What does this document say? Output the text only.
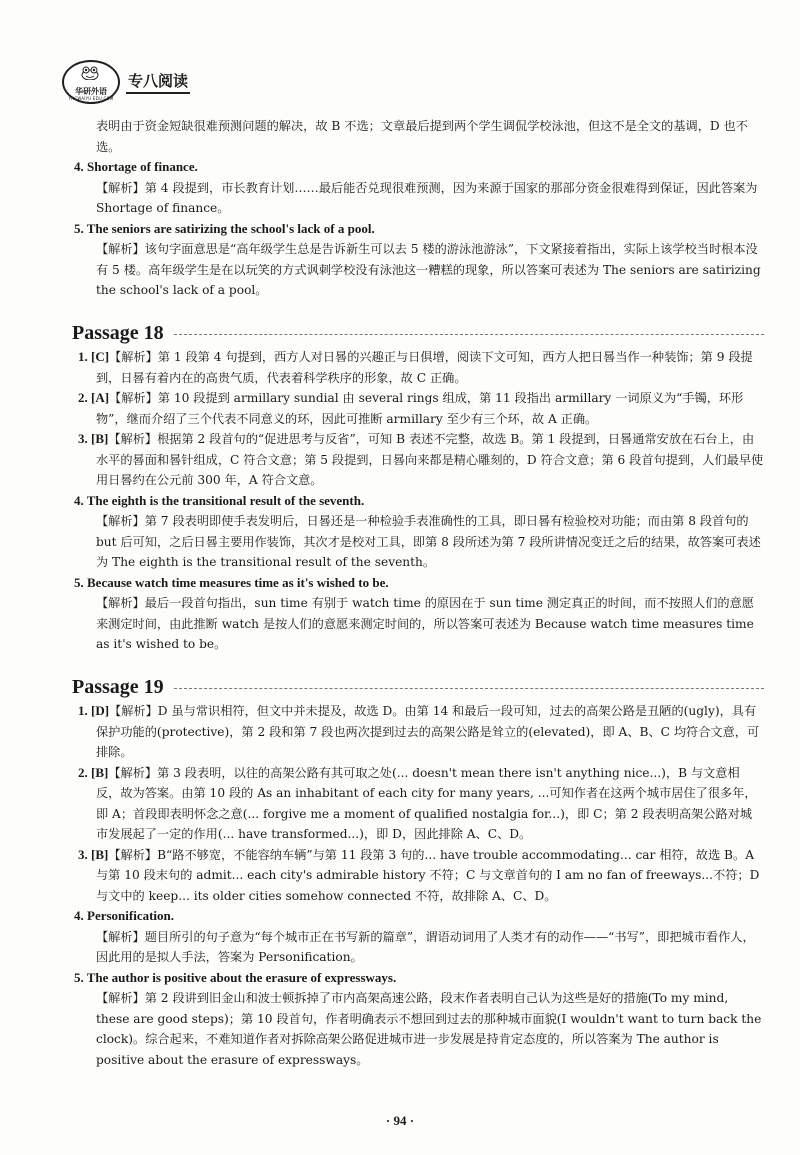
华研外语
YHCWAIYU EDU.COM
专八阅读

表明由于资金短缺很难预测问题的解决，故 B 不选；文章最后提到两个学生调侃学校泳池，但这不是全文的基调，D 也不选。

4. Shortage of finance.

【解析】第 4 段提到，市长教育计划……最后能否兑现很难预测，因为来源于国家的那部分资金很难得到保证，因此答案为 Shortage of finance。

5. The seniors are satirizing the school's lack of a pool.

【解析】该句字面意思是“高年级学生总是告诉新生可以去 5 楼的游泳池游泳”，下文紧接着指出，实际上该学校当时根本没有 5 楼。高年级学生是在以玩笑的方式讽刺学校没有泳池这一糟糕的现象，所以答案可表述为 The seniors are satirizing the school's lack of a pool。

Passage 18

1. [C]【解析】第 1 段第 4 句提到，西方人对日晷的兴趣正与日俱增，阅读下文可知，西方人把日晷当作一种装饰；第 9 段提到，日晷有着内在的高贵气质，代表着科学秩序的形象，故 C 正确。

2. [A]【解析】第 10 段提到 armillary sundial 由 several rings 组成，第 11 段指出 armillary 一词原义为“手镯，环形物”，继而介绍了三个代表不同意义的环，因此可推断 armillary 至少有三个环，故 A 正确。

3. [B]【解析】根据第 2 段首句的“促进思考与反省”，可知 B 表述不完整，故选 B。第 1 段提到，日晷通常安放在石台上，由水平的晷面和晷针组成，C 符合文意；第 5 段提到，日晷向来都是精心雕刻的，D 符合文意；第 6 段首句提到，人们最早使用日晷约在公元前 300 年，A 符合文意。

4. The eighth is the transitional result of the seventh.

【解析】第 7 段表明即使手表发明后，日晷还是一种检验手表准确性的工具，即日晷有检验校对功能；而由第 8 段首句的 but 后可知，之后日晷主要用作装饰，其次才是校对工具，即第 8 段所述为第 7 段所讲情况变迁之后的结果，故答案可表述为 The eighth is the transitional result of the seventh。

5. Because watch time measures time as it's wished to be.

【解析】最后一段首句指出，sun time 有别于 watch time 的原因在于 sun time 测定真正的时间，而不按照人们的意愿来测定时间，由此推断 watch 是按人们的意愿来测定时间的，所以答案可表述为 Because watch time measures time as it's wished to be。

Passage 19

1. [D]【解析】D 虽与常识相符，但文中并未提及，故选 D。由第 14 和最后一段可知，过去的高架公路是丑陋的(ugly)，具有保护功能的(protective)，第 2 段和第 7 段也两次提到过去的高架公路是耸立的(elevated)，即 A、B、C 均符合文意，可排除。

2. [B]【解析】第 3 段表明，以往的高架公路有其可取之处(... doesn't mean there isn't anything nice...)，B 与文意相反，故为答案。由第 10 段的 As an inhabitant of each city for many years, ...可知作者在这两个城市居住了很多年，即 A；首段即表明怀念之意(... forgive me a moment of qualified nostalgia for...)，即 C；第 2 段表明高架公路对城市发展起了一定的作用(... have transformed...)，即 D，因此排除 A、C、D。

3. [B]【解析】B“路不够宽，不能容纳车辆”与第 11 段第 3 句的... have trouble accommodating... car 相符，故选 B。A 与第 10 段末句的 admit... each city's admirable history 不符；C 与文章首句的 I am no fan of freeways...不符；D 与文中的 keep... its older cities somehow connected 不符，故排除 A、C、D。

4. Personification.

【解析】题目所引的句子意为“每个城市正在书写新的篇章”，谓语动词用了人类才有的动作——“书写”，即把城市看作人，因此用的是拟人手法，答案为 Personification。

5. The author is positive about the erasure of expressways.

【解析】第 2 段讲到旧金山和波士顿拆掉了市内高架高速公路，段末作者表明自己认为这些是好的措施(To my mind, these are good steps)；第 10 段首句，作者明确表示不想回到过去的那种城市面貌(I wouldn't want to turn back the clock)。综合起来，不难知道作者对拆除高架公路促进城市进一步发展是持肯定态度的，所以答案为 The author is positive about the erasure of expressways。

· 94 ·
